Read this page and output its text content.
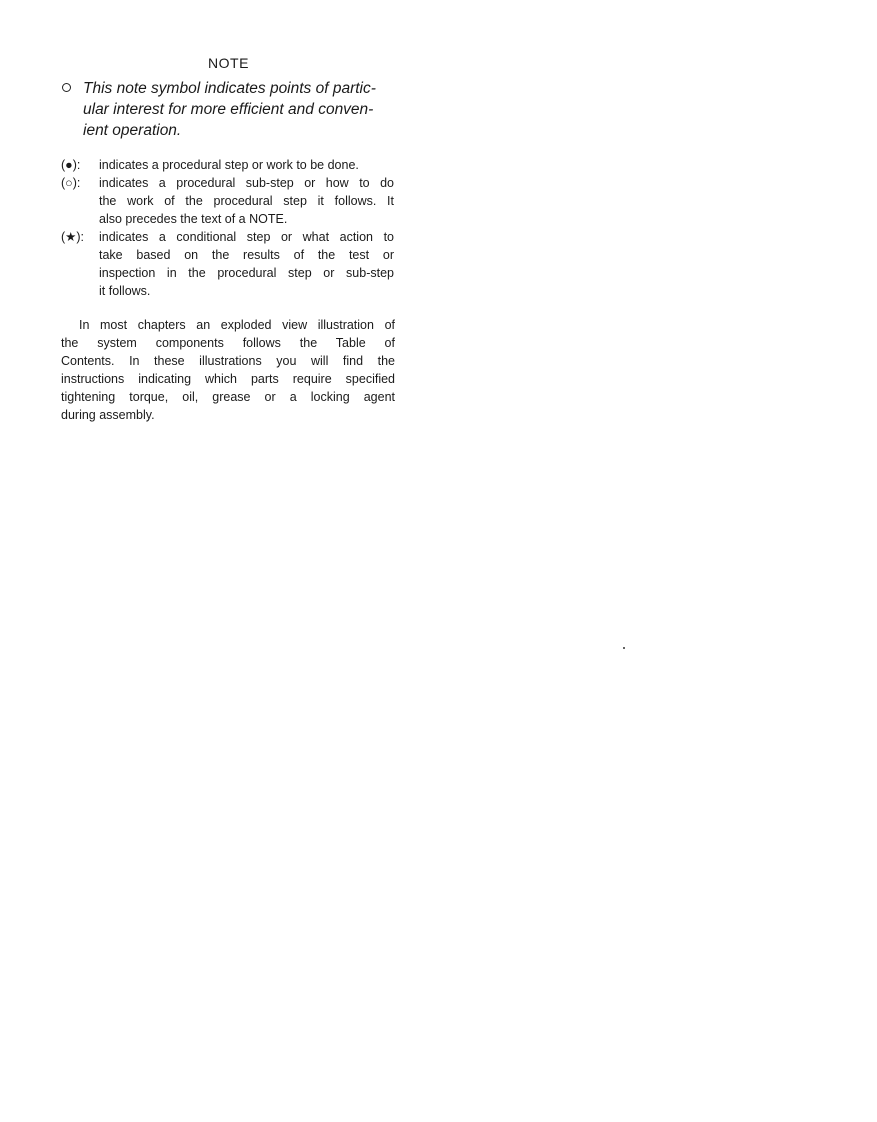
NOTE
This note symbol indicates points of partic-
ular interest for more efficient and conven-
ient operation.
(●): indicates a procedural step or work to be done.
(○): indicates a procedural sub-step or how to do
the work of the procedural step it follows. It
also precedes the text of a NOTE.
(★): indicates a conditional step or what action to
take based on the results of the test or
inspection in the procedural step or sub-step
it follows.
In most chapters an exploded view illustration of
the system components follows the Table of
Contents. In these illustrations you will find the
instructions indicating which parts require specified
tightening torque, oil, grease or a locking agent
during assembly.
